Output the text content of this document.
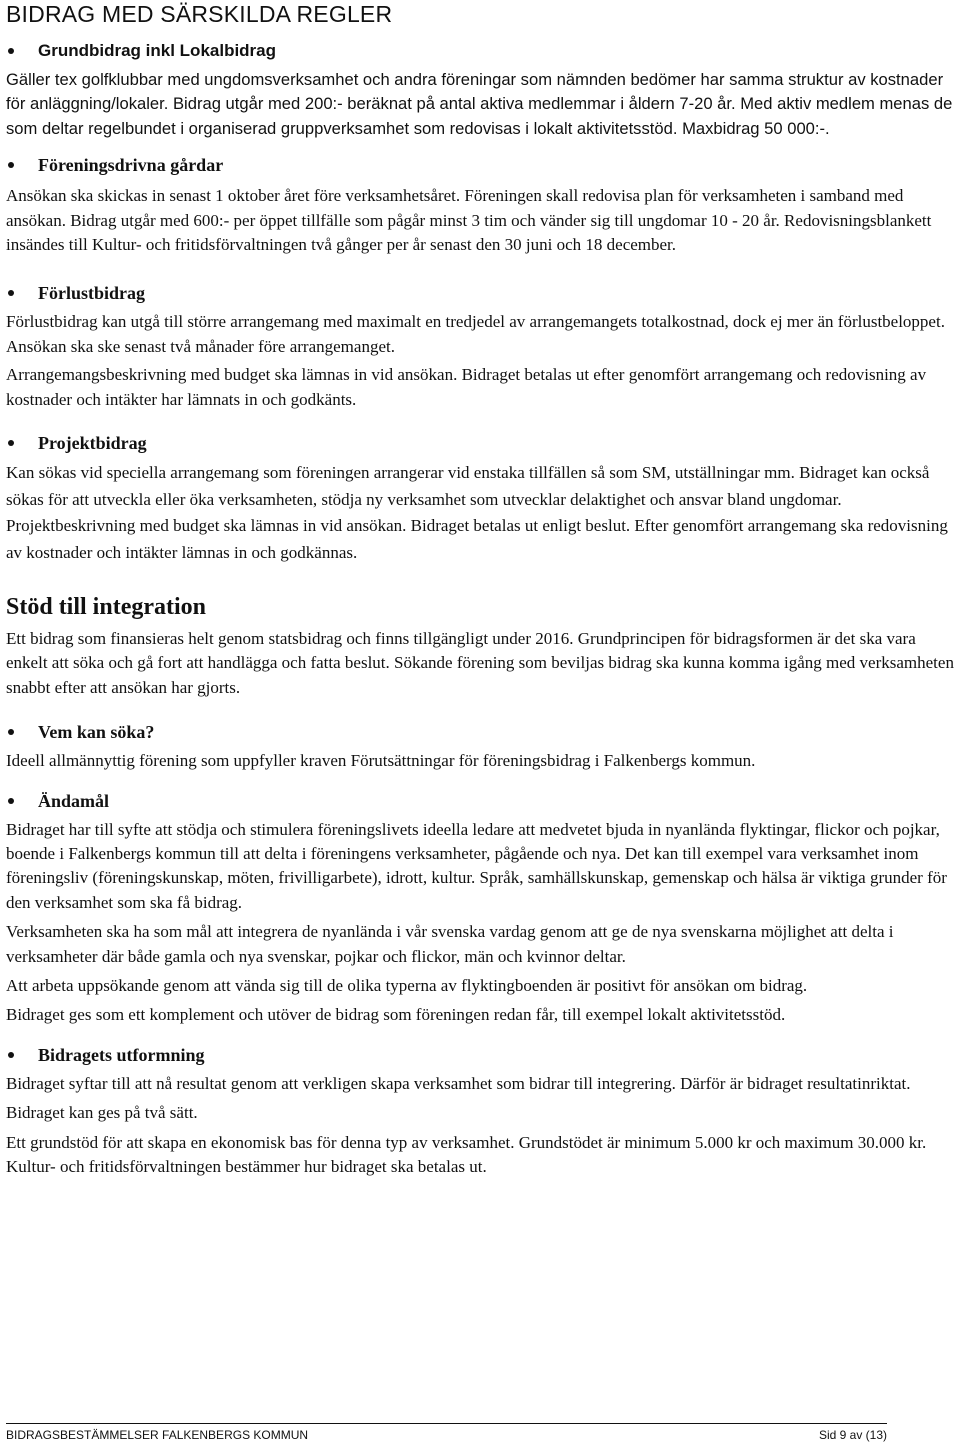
BIDRAG MED SÄRSKILDA REGLER
Grundbidrag inkl Lokalbidrag

Gäller tex golfklubbar med ungdomsverksamhet och andra föreningar som nämnden bedömer har samma struktur av kostnader för anläggning/lokaler. Bidrag utgår med 200:- beräknat på antal aktiva medlemmar i åldern 7-20 år. Med aktiv medlem menas de som deltar regelbundet i organiserad gruppverksamhet som redovisas i lokalt aktivitetsstöd. Maxbidrag 50 000:-.

Föreningsdrivna gårdar

Ansökan ska skickas in senast 1 oktober året före verksamhetsåret. Föreningen skall redovisa plan för verksamheten i samband med ansökan. Bidrag utgår med 600:- per öppet tillfälle som pågår minst 3 tim och vänder sig till ungdomar 10 - 20 år. Redovisningsblankett insändes till Kultur- och fritidsförvaltningen två gånger per år senast den 30 juni och 18 december.

Förlustbidrag

Förlustbidrag kan utgå till större arrangemang med maximalt en tredjedel av arrangemangets totalkostnad, dock ej mer än förlustbeloppet. Ansökan ska ske senast två månader före arrangemanget.

Arrangemangsbeskrivning med budget ska lämnas in vid ansökan. Bidraget betalas ut efter genomfört arrangemang och redovisning av kostnader och intäkter har lämnats in och godkänts.

Projektbidrag

Kan sökas vid speciella arrangemang som föreningen arrangerar vid enstaka tillfällen så som SM, utställningar mm. Bidraget kan också sökas för att utveckla eller öka verksamheten, stödja ny verksamhet som utvecklar delaktighet och ansvar bland ungdomar.

Projektbeskrivning med budget ska lämnas in vid ansökan. Bidraget betalas ut enligt beslut. Efter genomfört arrangemang ska redovisning av kostnader och intäkter lämnas in och godkännas.

Stöd till integration

Ett bidrag som finansieras helt genom statsbidrag och finns tillgängligt under 2016. Grundprincipen för bidragsformen är det ska vara enkelt att söka och gå fort att handlägga och fatta beslut. Sökande förening som beviljas bidrag ska kunna komma igång med verksamheten snabbt efter att ansökan har gjorts.

Vem kan söka?

Ideell allmännyttig förening som uppfyller kraven Förutsättningar för föreningsbidrag i Falkenbergs kommun.

Ändamål

Bidraget har till syfte att stödja och stimulera föreningslivets ideella ledare att medvetet bjuda in nyanlända flyktingar, flickor och pojkar, boende i Falkenbergs kommun till att delta i föreningens verksamheter, pågående och nya. Det kan till exempel vara verksamhet inom föreningsliv (föreningskunskap, möten, frivilligarbete), idrott, kultur. Språk, samhällskunskap, gemenskap och hälsa är viktiga grunder för den verksamhet som ska få bidrag.

Verksamheten ska ha som mål att integrera de nyanlända i vår svenska vardag genom att ge de nya svenskarna möjlighet att delta i verksamheter där både gamla och nya svenskar, pojkar och flickor, män och kvinnor deltar.

Att arbeta uppsökande genom att vända sig till de olika typerna av flyktingboenden är positivt för ansökan om bidrag.

Bidraget ges som ett komplement och utöver de bidrag som föreningen redan får, till exempel lokalt aktivitetsstöd.

Bidragets utformning

Bidraget syftar till att nå resultat genom att verkligen skapa verksamhet som bidrar till integrering. Därför är bidraget resultatinriktat.

Bidraget kan ges på två sätt.

Ett grundstöd för att skapa en ekonomisk bas för denna typ av verksamhet. Grundstödet är minimum 5.000 kr och maximum 30.000 kr. Kultur- och fritidsförvaltningen bestämmer hur bidraget ska betalas ut.

BIDRAGSBESTÄMMELSER FALKENBERGS KOMMUN	Sid 9 av (13)
